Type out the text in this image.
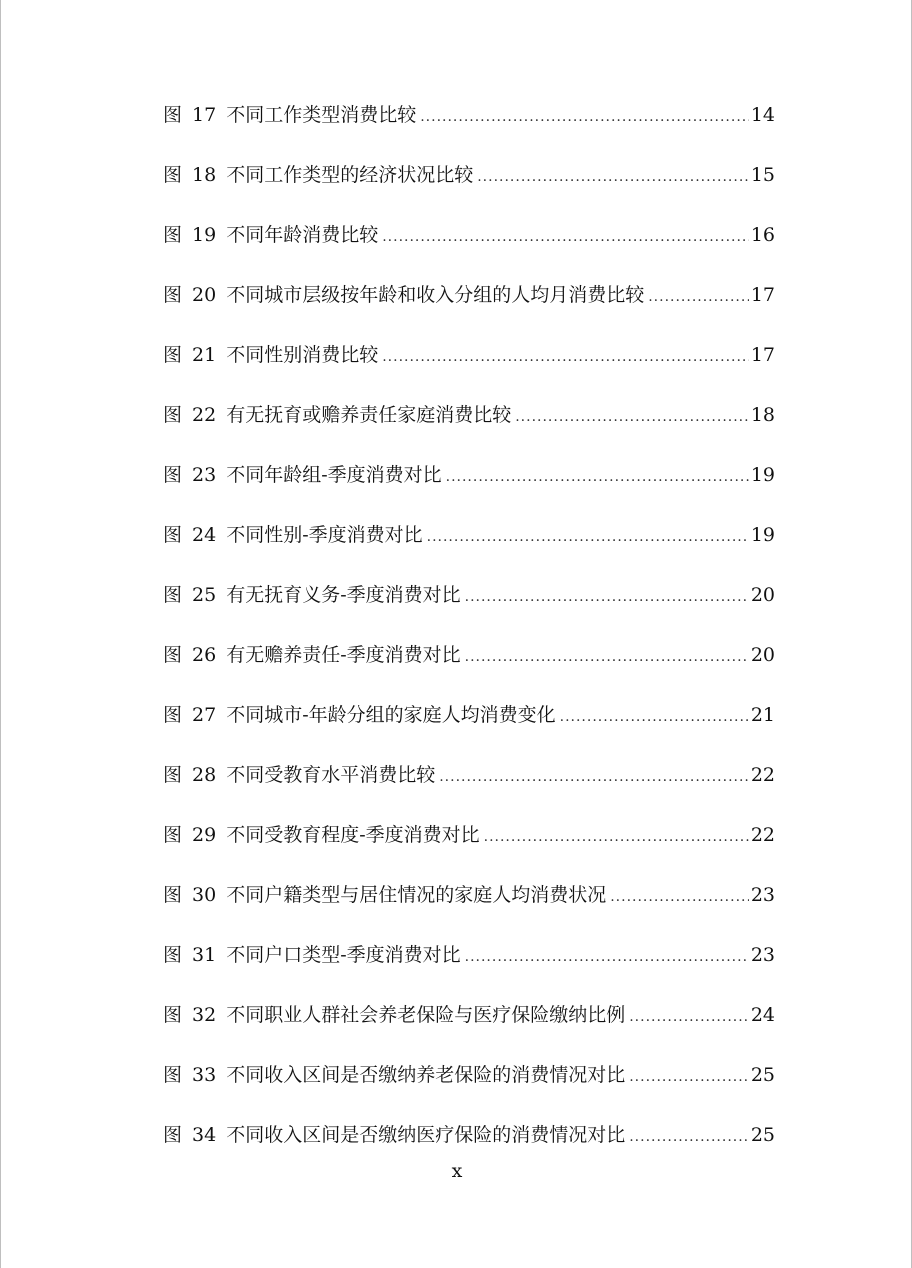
图 17 不同工作类型消费比较 .....	14
图 18 不同工作类型的经济状况比较 .....	15
图 19 不同年龄消费比较 .....	16
图 20 不同城市层级按年龄和收入分组的人均月消费比较 .....	17
图 21 不同性别消费比较 .....	17
图 22 有无抚育或赡养责任家庭消费比较 .....	18
图 23 不同年龄组-季度消费对比 .....	19
图 24 不同性别-季度消费对比 .....	19
图 25 有无抚育义务-季度消费对比 .....	20
图 26 有无赡养责任-季度消费对比 .....	20
图 27 不同城市-年龄分组的家庭人均消费变化 .....	21
图 28 不同受教育水平消费比较 .....	22
图 29 不同受教育程度-季度消费对比 .....	22
图 30 不同户籍类型与居住情况的家庭人均消费状况 .....	23
图 31 不同户口类型-季度消费对比 .....	23
图 32 不同职业人群社会养老保险与医疗保险缴纳比例 .....	24
图 33 不同收入区间是否缴纳养老保险的消费情况对比 .....	25
图 34 不同收入区间是否缴纳医疗保险的消费情况对比 .....	25
x
